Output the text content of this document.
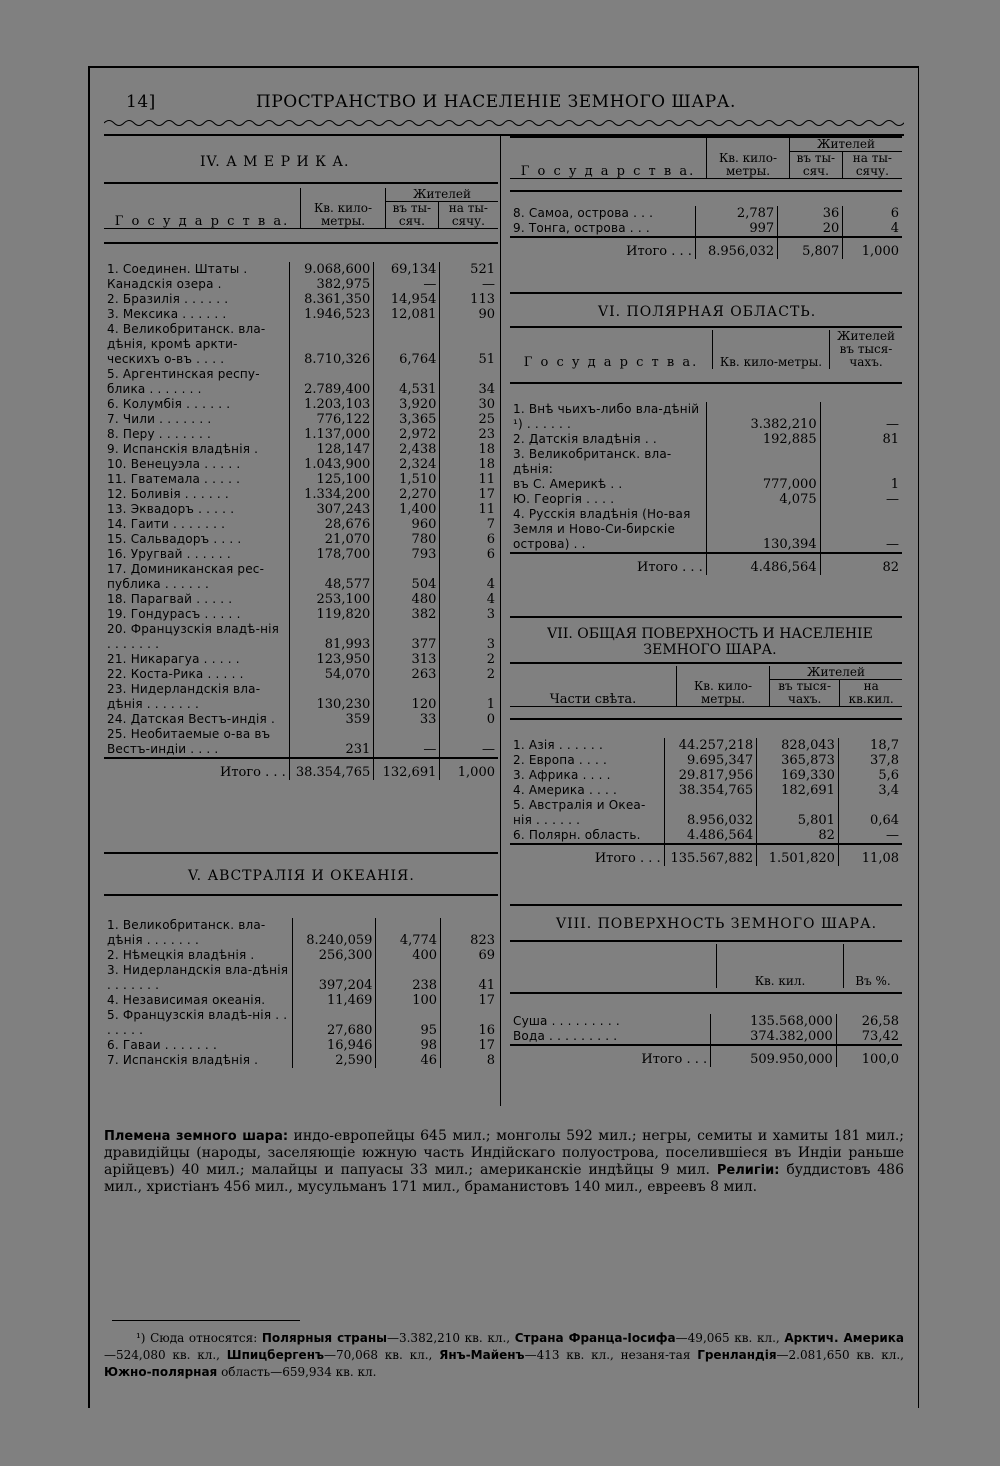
14]	ПРОСТРАНСТВО И НАСЕЛЕНІЕ ЗЕМНОГО ШАРА.
IV. А М Е Р И К А.
Г о с у д а р с т в а.	Кв. кило-метры.	Жителей	
		въ ты-сяч.	на ты-сячу.
1. Соединен. Штаты .	9.068,600	69,134	521
Канадскія озера .	382,975	—	—
2. Бразилія . . . . . .	8.361,350	14,954	113
3. Мексика . . . . . .	1.946,523	12,081	90
4. Великобританск. вла-дѣнія, кромѣ аркти-ческихъ о-въ . . . .	8.710,326	6,764	51
5. Аргентинская респу-блика . . . . . . .	2.789,400	4,531	34
6. Колумбія . . . . . .	1.203,103	3,920	30
7. Чили . . . . . . .	776,122	3,365	25
8. Перу . . . . . . .	1.137,000	2,972	23
9. Испанскія владѣнія .	128,147	2,438	18
10. Венецуэла . . . . .	1.043,900	2,324	18
11. Гватемала . . . . .	125,100	1,510	11
12. Боливія . . . . . .	1.334,200	2,270	17
13. Эквадоръ . . . . .	307,243	1,400	11
14. Гаити . . . . . . .	28,676	960	7
15. Сальвадоръ . . . .	21,070	780	6
16. Уругвай . . . . . .	178,700	793	6
17. Доминиканская рес-публика . . . . . .	48,577	504	4
18. Парагвай . . . . .	253,100	480	4
19. Гондурасъ . . . . .	119,820	382	3
20. Французскія владѣ-нія . . . . . . .	81,993	377	3
21. Никарагуа . . . . .	123,950	313	2
22. Коста-Рика . . . . .	54,070	263	2
23. Нидерландскія вла-дѣнія . . . . . . .	130,230	120	1
24. Датская Вестъ-индія .	359	33	0
25. Необитаемые о-ва въ Вестъ-индіи . . . .	231	—	—
Итого . . .	38.354,765	132,691	1,000
V. АВСТРАЛІЯ И ОКЕАНІЯ.
1. Великобританск. вла-дѣнія . . . . . . .	8.240,059	4,774	823
2. Нѣмецкія владѣнія .	256,300	400	69
3. Нидерландскія вла-дѣнія . . . . . . .	397,204	238	41
4. Независимая океанія.	11,469	100	17
5. Французскія владѣ-нія . . . . . . .	27,680	95	16
6. Гаваи . . . . . . .	16,946	98	17
7. Испанскія владѣнія .	2,590	46	8
Г о с у д а р с т в а.	Кв. кило-метры.	Жителей	
		въ ты-сяч.	на ты-сячу.
8. Самоа, острова . . .	2,787	36	6
9. Тонга, острова . . .	997	20	4
Итого . . .	8.956,032	5,807	1,000
VI. ПОЛЯРНАЯ ОБЛАСТЬ.
Г о с у д а р с т в а.	Кв. кило-метры.	Жителей въ тыся-чахъ.
1. Внѣ чьихъ-либо вла-дѣній ¹) . . . . . .	3.382,210	—
2. Датскія владѣнія . .	192,885	81
3. Великобританск. вла-дѣнія:		
въ С. Америкѣ . .	777,000	1
Ю. Георгія . . . .	4,075	—
4. Русскія владѣнія (Но-вая Земля и Ново-Си-бирскіе острова) . .	130,394	—
Итого . . .	4.486,564	82
VII. ОБЩАЯ ПОВЕРХНОСТЬ И НАСЕЛЕНІЕ ЗЕМНОГО ШАРА.
Части свѣта.	Кв. кило-метры.	Жителей	
		въ тыся-чахъ.	на кв.кил.
1. Азія . . . . . .	44.257,218	828,043	18,7
2. Европа . . . .	9.695,347	365,873	37,8
3. Африка . . . .	29.817,956	169,330	5,6
4. Америка . . . .	38.354,765	182,691	3,4
5. Австралія и Океа-нія . . . . . .	8.956,032	5,801	0,64
6. Полярн. область.	4.486,564	82	—
Итого . . .	135.567,882	1.501,820	11,08
VIII. ПОВЕРХНОСТЬ ЗЕМНОГО ШАРА.
	Кв. кил.	Въ %.
Суша . . . . . . . . .	135.568,000	26,58
Вода . . . . . . . . .	374.382,000	73,42
Итого . . .	509.950,000	100,0
Племена земного шара: индо-европейцы 645 мил.; монголы 592 мил.; негры, семиты и хамиты 181 мил.; дравидійцы (народы, заселяющіе южную часть Индійскаго полуострова, поселившіеся въ Индіи раньше арійцевъ) 40 мил.; малайцы и папуасы 33 мил.; американскіе индѣйцы 9 мил. Религіи: буддистовъ 486 мил., христіанъ 456 мил., мусульманъ 171 мил., браманистовъ 140 мил., евреевъ 8 мил.
¹) Сюда относятся: Полярныя страны—3.382,210 кв. кл., Страна Франца-Іосифа—49,065 кв. кл., Арктич. Америка—524,080 кв. кл., Шпицбергенъ—70,068 кв. кл., Янъ-Майенъ—413 кв. кл., незаня-тая Гренландія—2.081,650 кв. кл., Южно-полярная область—659,934 кв. кл.
